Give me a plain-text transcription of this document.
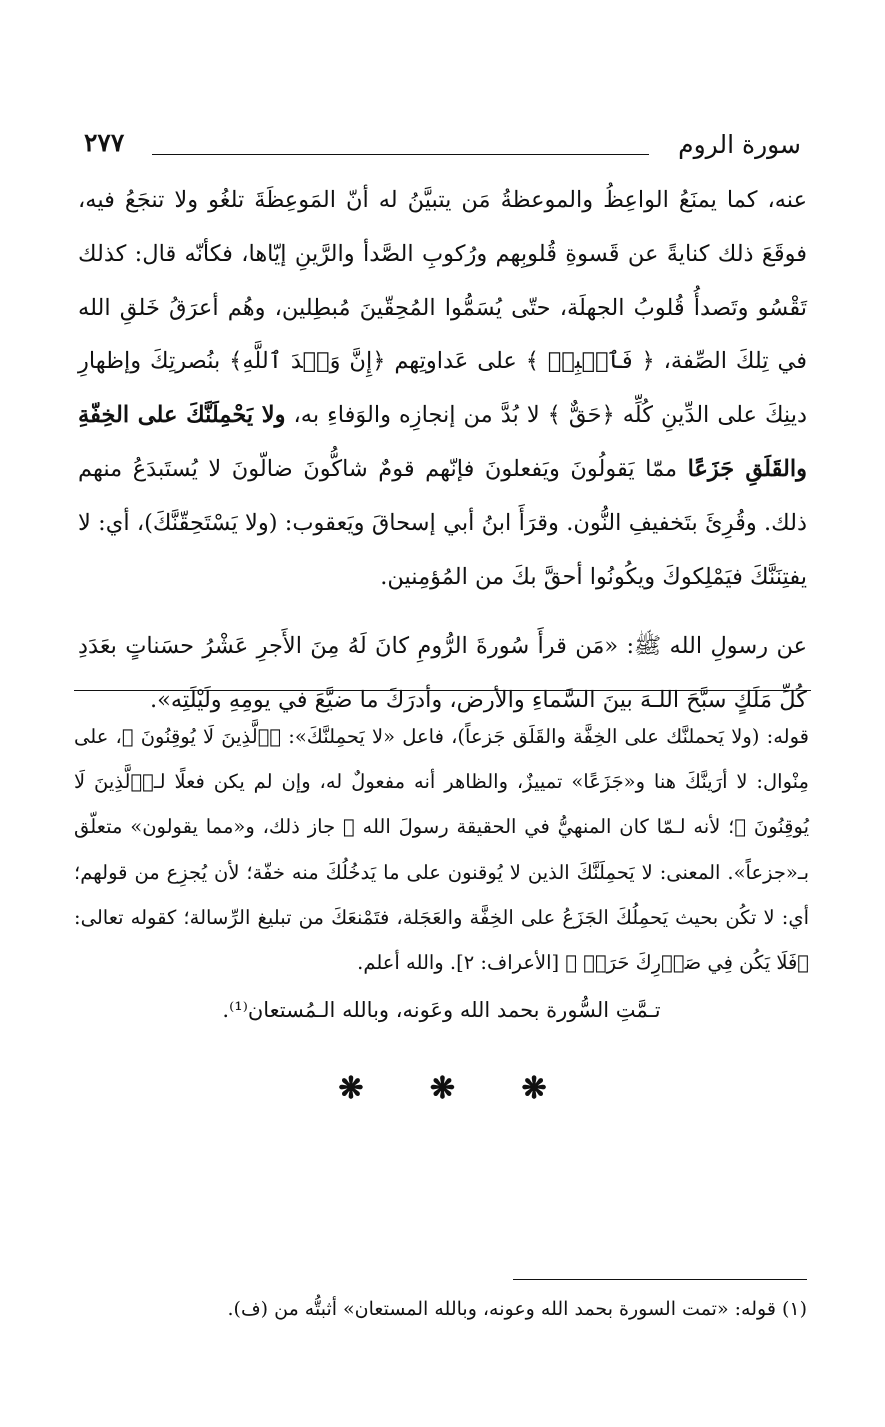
سورة الروم
٢٧٧

عنه، كما يمنَعُ الواعِظُ والموعظةُ مَن يتبيَّنُ له أنّ المَوعِظَةَ تلغُو ولا تنجَعُ فيه، فوقَعَ ذلك كنايةً عن قَسوةِ قُلوبِهم ورُكوبِ الصَّدأ والرَّينِ إيّاها، فكأنّه قال: كذلك تَقْسُو وتَصدأُ قُلوبُ الجهلَة، حتّى يُسَمُّوا المُحِقّينَ مُبطِلين، وهُم أعرَقُ خَلقِ الله في تِلكَ الصِّفة، ﴿ فَٱصۡبِرۡ ﴾ على عَداوتِهم ﴿إِنَّ وَعۡدَ ٱللَّهِ﴾ بنُصرتِكَ وإظهارِ دينِكَ على الدِّينِ كُلِّه ﴿حَقٌّ ﴾ لا بُدَّ من إنجازِه والوَفاءِ به، ولا يَحْمِلَنَّكَ على الخِفّةِ والقَلَقِ جَزَعًا ممّا يَقولُونَ ويَفعلونَ فإنّهم قومٌ شاكُّونَ ضالّونَ لا يُستَبدَعُ منهم ذلك. وقُرِئَ بتَخفيفِ النُّون. وقرَأَ ابنُ أبي إسحاقَ ويَعقوب: (ولا يَسْتَحِقّنَّكَ)، أي: لا يفتِنَنَّكَ فيَمْلِكوكَ ويكُونُوا أحقَّ بكَ من المُؤمِنين.

عن رسولِ الله ﷺ: «مَن قرأَ سُورةَ الرُّومِ كانَ لَهُ مِنَ الأَجرِ عَشْرُ حسَناتٍ بعَدَدِ كُلِّ مَلَكٍ سبَّحَ اللـهَ بينَ السَّماءِ والأرض، وأدرَكَ ما ضيَّعَ في يومِهِ ولَيْلَتِه».

قوله: (ولا يَحملنَّك على الخِفَّة والقَلَق جَزعاً)، فاعل «لا يَحمِلنَّكَ»: ﴿ٱلَّذِينَ لَا يُوقِنُونَ ﴾، على مِنْوال: لا أرَينَّكَ هنا و«جَزَعًا» تمييزٌ، والظاهر أنه مفعولٌ له، وإن لم يكن فعلًا لـ﴿ٱلَّذِينَ لَا يُوقِنُونَ ﴾؛ لأنه لـمّا كان المنهيُّ في الحقيقة رسولَ الله ﷺ جاز ذلك، و«مما يقولون» متعلّق بـ«جزعاً». المعنى: لا يَحمِلَنَّكَ الذين لا يُوقنون على ما يَدخُلُكَ منه خفّة؛ لأن يُجزِع من قولهم؛ أي: لا تكُن بحيث يَحمِلُكَ الجَزَعُ على الخِفَّة والعَجَلة، فتَمْنعَكَ من تبليغ الرِّسالة؛ كقوله تعالى: ﴿فَلَا يَكُن فِي صَدۡرِكَ حَرَجٞ ﴾ [الأعراف: ٢]. والله أعلم.

تـمَّتِ السُّورة بحمد الله وعَونه، وبالله الـمُستعان⁽¹⁾.
❋ ❋ ❋

(١) قوله: «تمت السورة بحمد الله وعونه، وبالله المستعان» أثبتُّه من (ف).
